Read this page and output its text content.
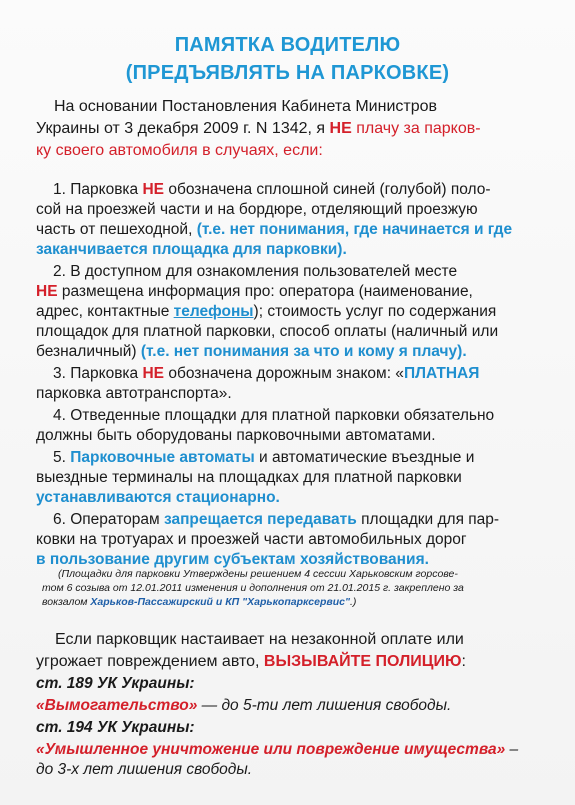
ПАМЯТКА ВОДИТЕЛЮ
(ПРЕДЪЯВЛЯТЬ НА ПАРКОВКЕ)
На основании Постановления Кабинета Министров
Украины от 3 декабря 2009 г. N 1342, я НЕ плачу за парков-
ку своего автомобиля в случаях, если:
1. Парковка НЕ обозначена сплошной синей (голубой) поло-
сой на проезжей части и на бордюре, отделяющий проезжую
часть от пешеходной, (т.е. нет понимания, где начинается и где
заканчивается площадка для парковки).
2. В доступном для ознакомления пользователей месте
НЕ размещена информация про: оператора (наименование,
адрес, контактные телефоны); стоимость услуг по содержания
площадок для платной парковки, способ оплаты (наличный или
безналичный) (т.е. нет понимания за что и кому я плачу).
3. Парковка НЕ обозначена дорожным знаком: «ПЛАТНАЯ
парковка автотранспорта».
4. Отведенные площадки для платной парковки обязательно
должны быть оборудованы парковочными автоматами.
5. Парковочные автоматы и автоматические въездные и
выездные терминалы на площадках для платной парковки
устанавливаются стационарно.
6. Операторам запрещается передавать площадки для пар-
ковки на тротуарах и проезжей части автомобильных дорог
в пользование другим субъектам хозяйствования.
(Площадки для парковки Утверждены решением 4 сессии Харьковским горсове-
том 6 созыва от 12.01.2011 изменения и дополнения от 21.01.2015 г. закреплено за
вокзалом Харьков-Пассажирский и КП "Харькопарксервис".)
Если парковщик настаивает на незаконной оплате или
угрожает повреждением авто, ВЫЗЫВАЙТЕ ПОЛИЦИЮ:
ст. 189 УК Украины:
«Вымогательство» — до 5-ти лет лишения свободы.
ст. 194 УК Украины:
«Умышленное уничтожение или повреждение имущества» –
до 3-х лет лишения свободы.
